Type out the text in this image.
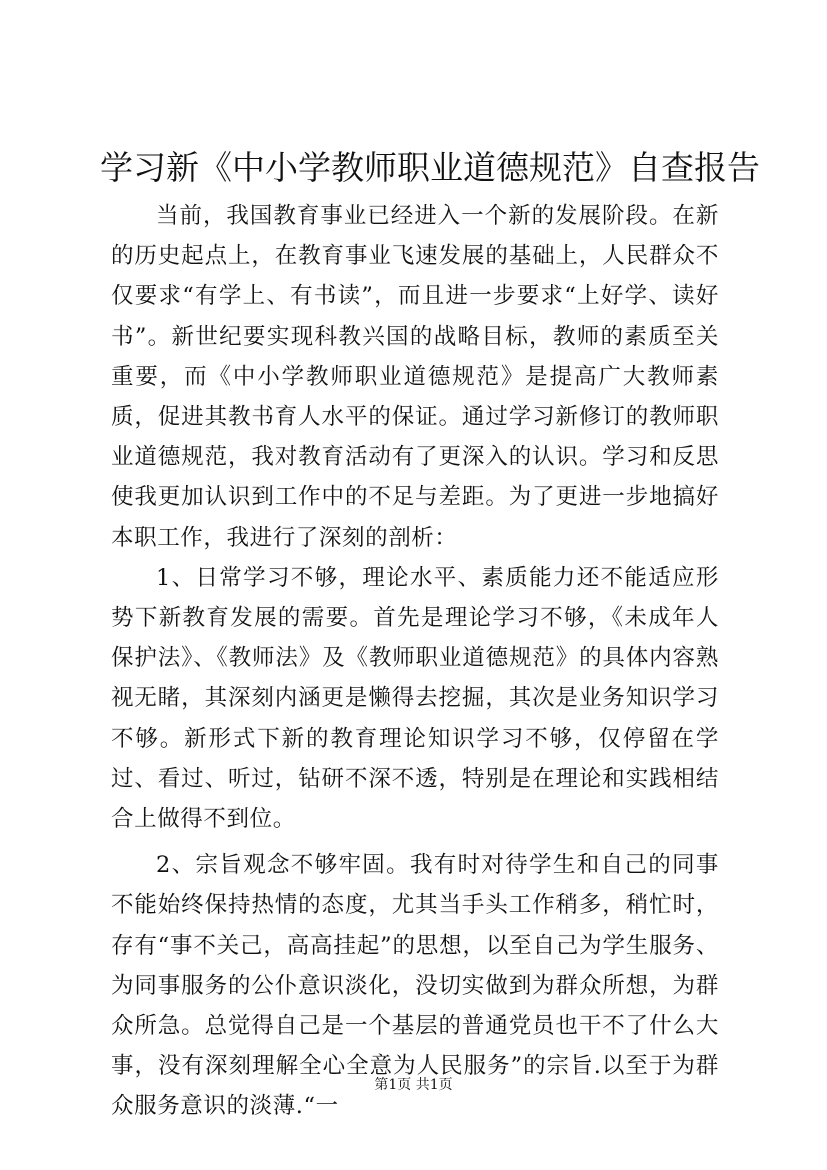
学习新《中小学教师职业道德规范》自查报告

当前，我国教育事业已经进入一个新的发展阶段。在新的历史起点上，在教育事业飞速发展的基础上，人民群众不仅要求“有学上、有书读”，而且进一步要求“上好学、读好书”。新世纪要实现科教兴国的战略目标，教师的素质至关重要，而《中小学教师职业道德规范》是提高广大教师素质，促进其教书育人水平的保证。通过学习新修订的教师职业道德规范，我对教育活动有了更深入的认识。学习和反思使我更加认识到工作中的不足与差距。为了更进一步地搞好本职工作，我进行了深刻的剖析：

1、日常学习不够，理论水平、素质能力还不能适应形势下新教育发展的需要。首先是理论学习不够，《未成年人保护法》、《教师法》及《教师职业道德规范》的具体内容熟视无睹，其深刻内涵更是懒得去挖掘，其次是业务知识学习不够。新形式下新的教育理论知识学习不够，仅停留在学过、看过、听过，钻研不深不透，特别是在理论和实践相结合上做得不到位。

2、宗旨观念不够牢固。我有时对待学生和自己的同事不能始终保持热情的态度，尤其当手头工作稍多，稍忙时，存有“事不关己，高高挂起”的思想，以至自己为学生服务、为同事服务的公仆意识淡化，没切实做到为群众所想，为群众所急。总觉得自己是一个基层的普通党员也干不了什么大事，没有深刻理解全心全意为人民服务”的宗旨.以至于为群众服务意识的淡薄.“一

第1页 共1页
